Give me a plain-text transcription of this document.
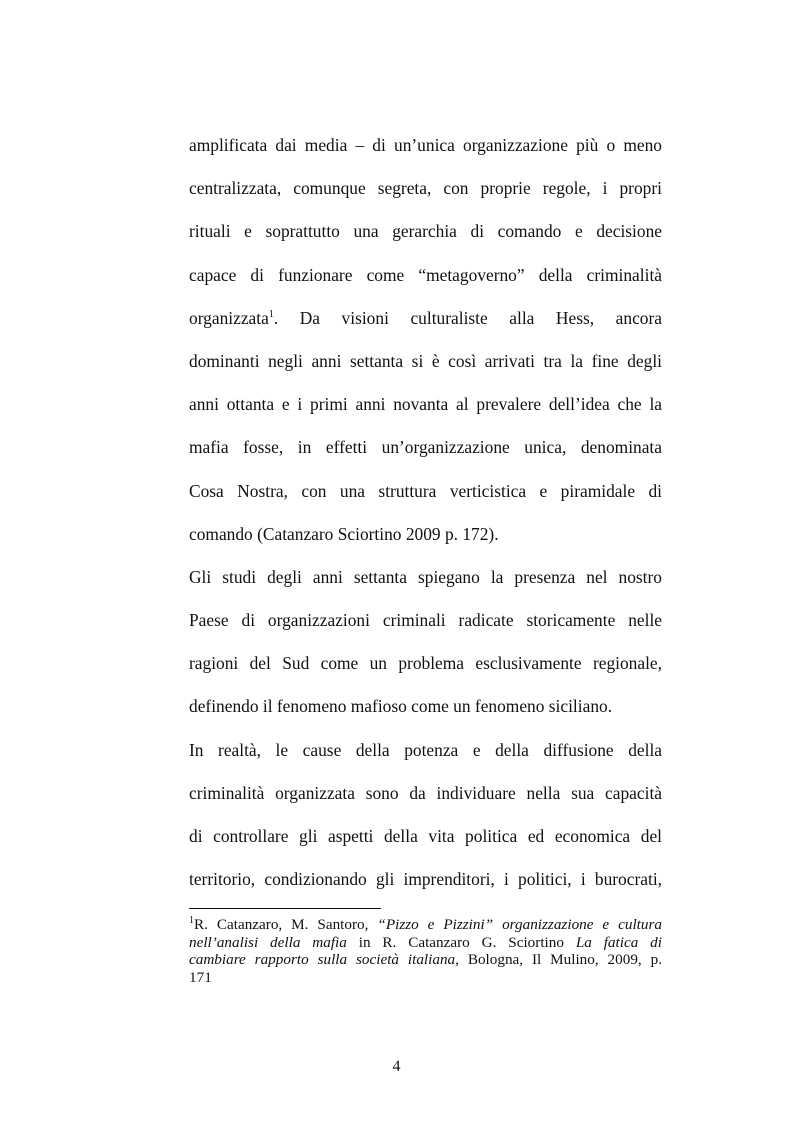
amplificata dai media – di un’unica organizzazione più o meno
centralizzata, comunque segreta, con proprie regole, i propri
rituali e soprattutto una gerarchia di comando e decisione
capace di funzionare come “metagoverno” della criminalità
organizzata$^1$. Da visioni culturaliste alla Hess, ancora
dominanti negli anni settanta si è così arrivati tra la fine degli
anni ottanta e i primi anni novanta al prevalere dell’idea che la
mafia fosse, in effetti un’organizzazione unica, denominata
Cosa Nostra, con una struttura verticistica e piramidale di
comando (Catanzaro Sciortino 2009 p. 172).
Gli studi degli anni settanta spiegano la presenza nel nostro
Paese di organizzazioni criminali radicate storicamente nelle
ragioni del Sud come un problema esclusivamente regionale,
definendo il fenomeno mafioso come un fenomeno siciliano.
In realtà, le cause della potenza e della diffusione della
criminalità organizzata sono da individuare nella sua capacità
di controllare gli aspetti della vita politica ed economica del
territorio, condizionando gli imprenditori, i politici, i burocrati,
$^1$R. Catanzaro, M. Santoro, “Pizzo e Pizzini” organizzazione e cultura
nell’analisi della mafia in R. Catanzaro G. Sciortino La fatica di
cambiare rapporto sulla società italiana, Bologna, Il Mulino, 2009, p.
171
4
